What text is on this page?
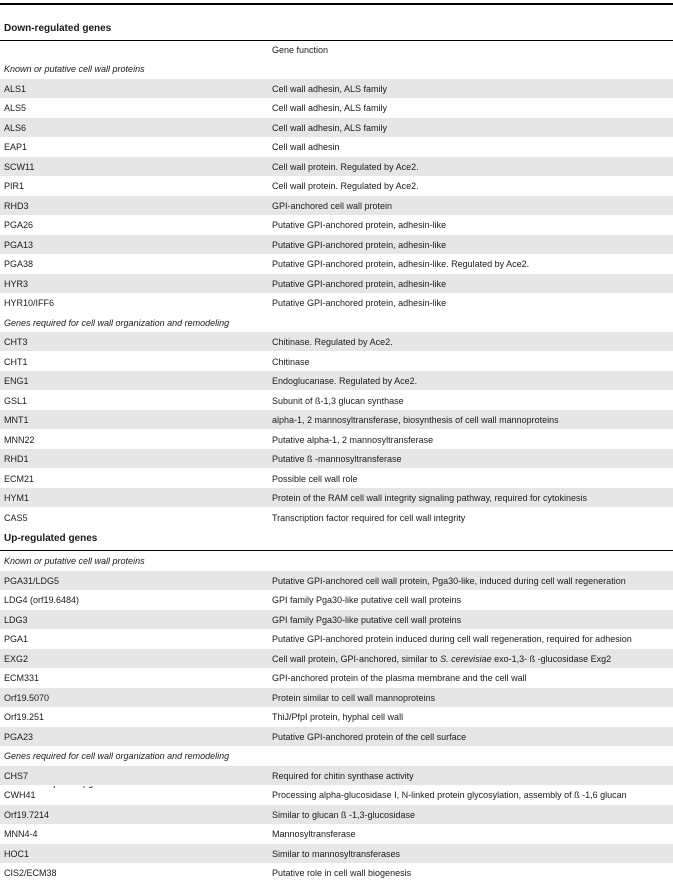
Down-regulated genes
Gene function
Up-regulated genes
Known or putative cell wall proteins
ALS1	Cell wall adhesin, ALS family
ALS5	Cell wall adhesin, ALS family
ALS6	Cell wall adhesin, ALS family
EAP1	Cell wall adhesin
SCW11	Cell wall protein. Regulated by Ace2.
PIR1	Cell wall protein. Regulated by Ace2.
RHD3	GPI-anchored cell wall protein
PGA26	Putative GPI-anchored protein, adhesin-like
PGA13	Putative GPI-anchored protein, adhesin-like
PGA38	Putative GPI-anchored protein, adhesin-like. Regulated by Ace2.
HYR3	Putative GPI-anchored protein, adhesin-like
HYR10/IFF6	Putative GPI-anchored protein, adhesin-like
Genes required for cell wall organization and remodeling
CHT3	Chitinase. Regulated by Ace2.
CHT1	Chitinase
ENG1	Endoglucanase. Regulated by Ace2.
GSL1	Subunit of ß-1,3 glucan synthase
MNT1	alpha-1, 2 mannosyltransferase, biosynthesis of cell wall mannoproteins
MNN22	Putative alpha-1, 2 mannosyltransferase
RHD1	Putative ß -mannosyltransferase
ECM21	Possible cell wall role
HYM1	Protein of the RAM cell wall integrity signaling pathway, required for cytokinesis
CAS5	Transcription factor required for cell wall integrity
Known or putative cell wall proteins
PGA31/LDG5	Putative GPI-anchored cell wall protein, Pga30-like, induced during cell wall regeneration
LDG4 (orf19.6484)	GPI family Pga30-like putative cell wall proteins
LDG3	GPI family Pga30-like putative cell wall proteins
PGA1	Putative GPI-anchored protein induced during cell wall regeneration, required for adhesion
EXG2	Cell wall protein, GPI-anchored, similar to S. cerevisiae exo-1,3- ß -glucosidase Exg2
ECM331	GPI-anchored protein of the plasma membrane and the cell wall
Orf19.5070	Protein similar to cell wall mannoproteins
Orf19.251	ThiJ/PfpI protein, hyphal cell wall
PGA23	Putative GPI-anchored protein of the cell surface
Genes required for cell wall organization and remodeling
CHS7	Required for chitin synthase activity
CWH41	Processing alpha-glucosidase I, N-linked protein glycosylation, assembly of ß -1,6 glucan
Orf19.7214	Similar to glucan ß -1,3-glucosidase
MNN4-4	Mannosyltransferase
HOC1	Similar to mannosyltransferases
CIS2/ECM38	Putative role in cell wall biogenesis
